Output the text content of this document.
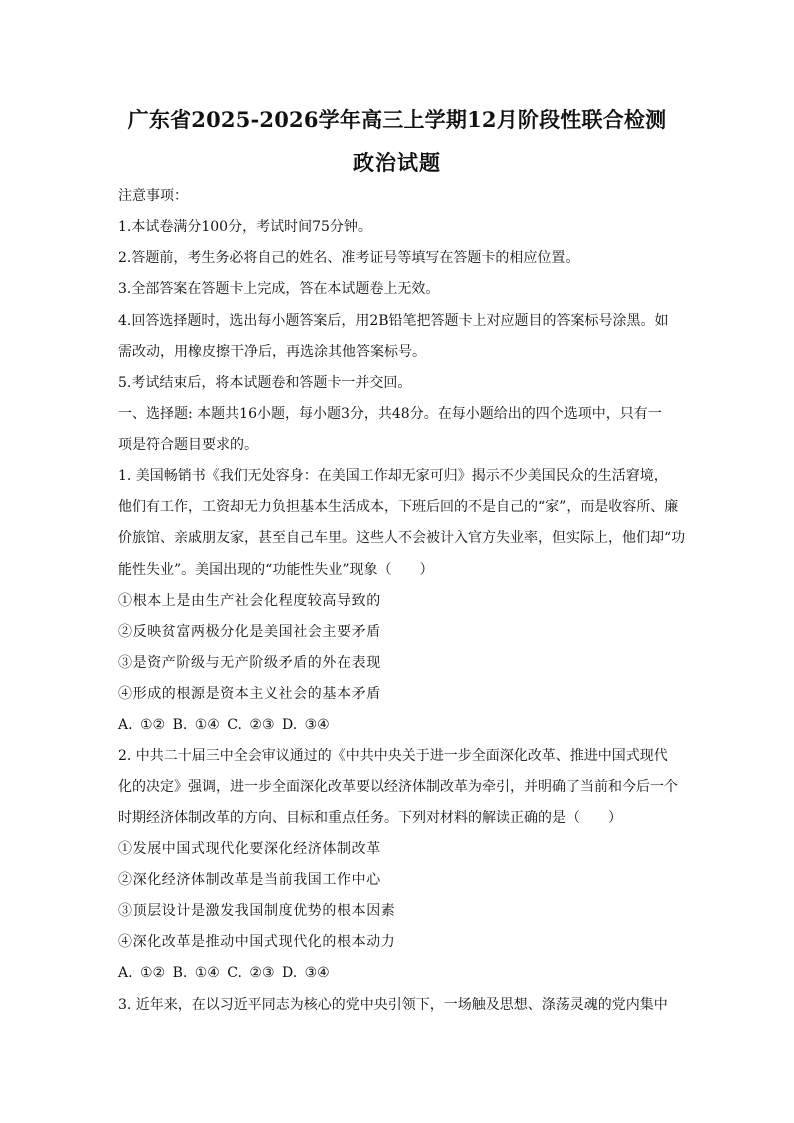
广东省2025-2026学年高三上学期12月阶段性联合检测
政治试题
注意事项：
1.本试卷满分100分，考试时间75分钟。
2.答题前，考生务必将自己的姓名、准考证号等填写在答题卡的相应位置。
3.全部答案在答题卡上完成，答在本试题卷上无效。
4.回答选择题时，选出每小题答案后，用2B铅笔把答题卡上对应题目的答案标号涂黑。如
需改动，用橡皮擦干净后，再选涂其他答案标号。
5.考试结束后，将本试题卷和答题卡一并交回。
一、选择题: 本题共16小题，每小题3分，共48分。在每小题给出的四个选项中，只有一
项是符合题目要求的。
1. 美国畅销书《我们无处容身：在美国工作却无家可归》揭示不少美国民众的生活窘境，
他们有工作，工资却无力负担基本生活成本，下班后回的不是自己的“家”，而是收容所、廉
价旅馆、亲戚朋友家，甚至自己车里。这些人不会被计入官方失业率，但实际上，他们却“功
能性失业”。美国出现的“功能性失业”现象（　　）
①根本上是由生产社会化程度较高导致的
②反映贫富两极分化是美国社会主要矛盾
③是资产阶级与无产阶级矛盾的外在表现
④形成的根源是资本主义社会的基本矛盾
A. ①② B. ①④ C. ②③ D. ③④
2. 中共二十届三中全会审议通过的《中共中央关于进一步全面深化改革、推进中国式现代
化的决定》强调，进一步全面深化改革要以经济体制改革为牵引，并明确了当前和今后一个
时期经济体制改革的方向、目标和重点任务。下列对材料的解读正确的是（　　）
①发展中国式现代化要深化经济体制改革
②深化经济体制改革是当前我国工作中心
③顶层设计是激发我国制度优势的根本因素
④深化改革是推动中国式现代化的根本动力
A. ①② B. ①④ C. ②③ D. ③④
3. 近年来，在以习近平同志为核心的党中央引领下，一场触及思想、涤荡灵魂的党内集中
